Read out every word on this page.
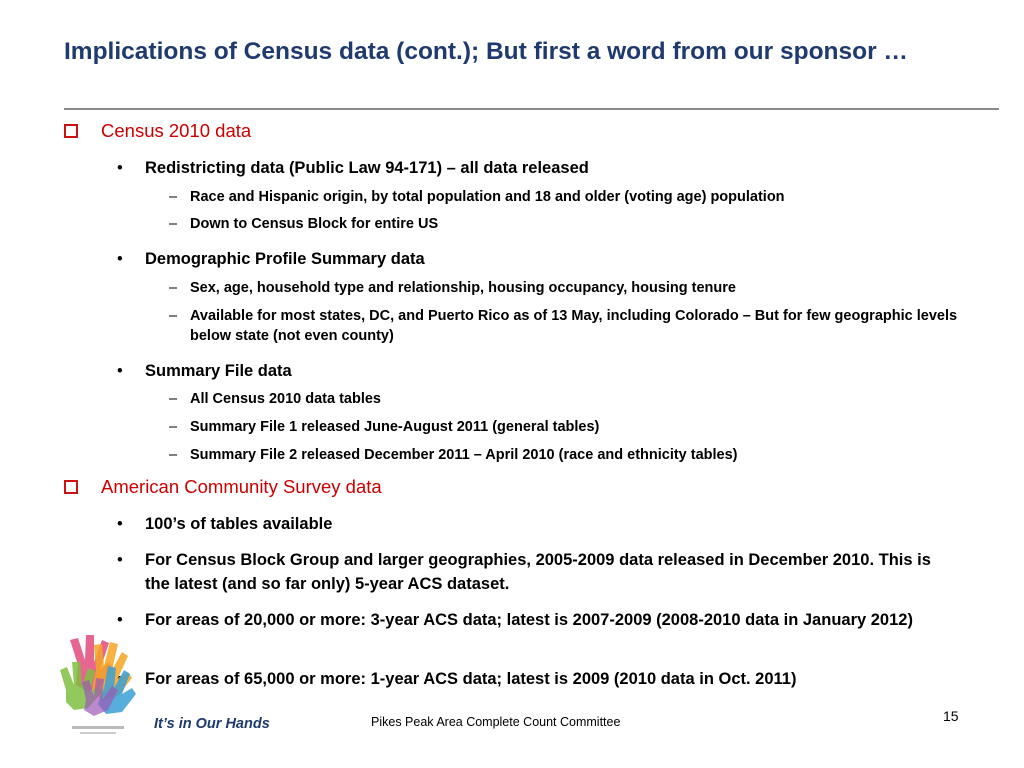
Implications of Census data (cont.); But first a word from our sponsor …
Census 2010 data
• Redistricting data (Public Law 94-171) – all data released
– Race and Hispanic origin, by total population and 18 and older (voting age) population
– Down to Census Block for entire US
• Demographic Profile Summary data
– Sex, age, household type and relationship, housing occupancy, housing tenure
– Available for most states, DC, and Puerto Rico as of 13 May, including Colorado – But for few geographic levels below state (not even county)
• Summary File data
– All Census 2010 data tables
– Summary File 1 released June-August 2011 (general tables)
– Summary File 2 released December 2011 – April 2010 (race and ethnicity tables)
American Community Survey data
• 100’s of tables available
• For Census Block Group and larger geographies, 2005-2009 data released in December 2010. This is the latest (and so far only) 5-year ACS dataset.
• For areas of 20,000 or more: 3-year ACS data; latest is 2007-2009 (2008-2010 data in January 2012)
For areas of 65,000 or more: 1-year ACS data; latest is 2009 (2010 data in Oct. 2011)
It’s in Our Hands	Pikes Peak Area Complete Count Committee	15
